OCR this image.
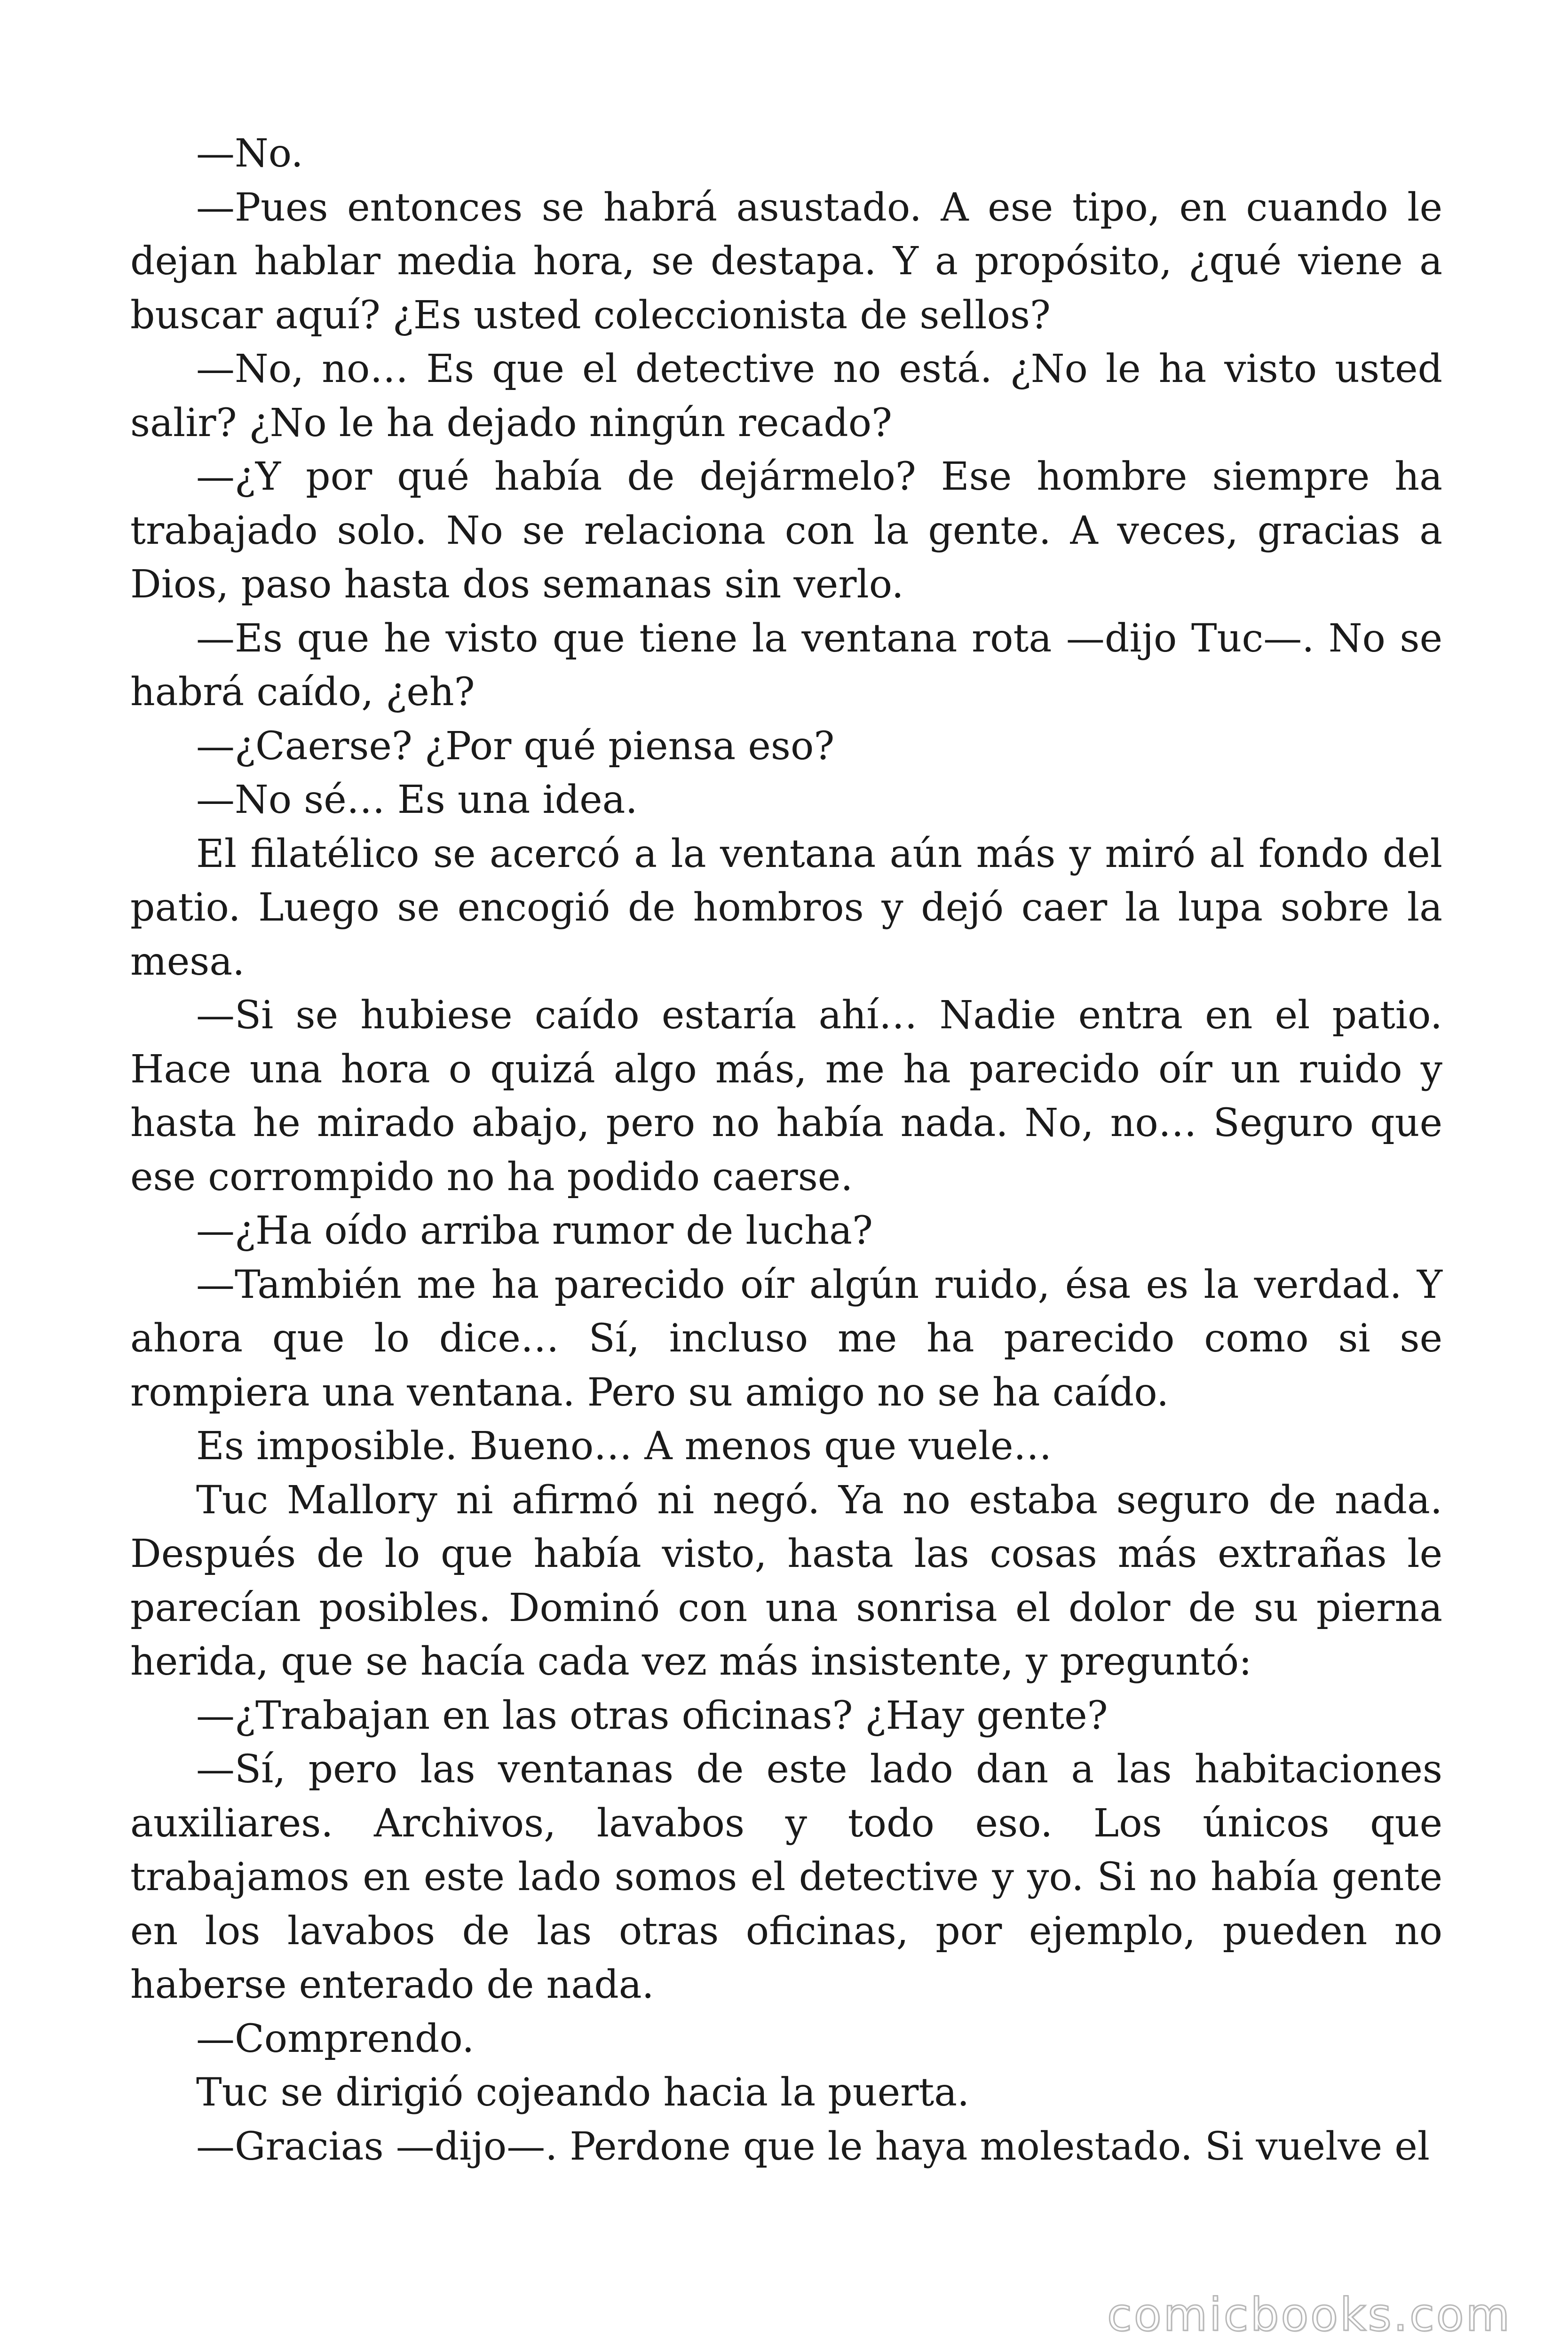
—No.

—Pues entonces se habrá asustado. A ese tipo, en cuando le dejan hablar media hora, se destapa. Y a propósito, ¿qué viene a buscar aquí? ¿Es usted coleccionista de sellos?

—No, no… Es que el detective no está. ¿No le ha visto usted salir? ¿No le ha dejado ningún recado?

—¿Y por qué había de dejármelo? Ese hombre siempre ha trabajado solo. No se relaciona con la gente. A veces, gracias a Dios, paso hasta dos semanas sin verlo.

—Es que he visto que tiene la ventana rota —dijo Tuc—. No se habrá caído, ¿eh?

—¿Caerse? ¿Por qué piensa eso?

—No sé… Es una idea.

El filatélico se acercó a la ventana aún más y miró al fondo del patio. Luego se encogió de hombros y dejó caer la lupa sobre la mesa.

—Si se hubiese caído estaría ahí… Nadie entra en el patio. Hace una hora o quizá algo más, me ha parecido oír un ruido y hasta he mirado abajo, pero no había nada. No, no… Seguro que ese corrompido no ha podido caerse.

—¿Ha oído arriba rumor de lucha?

—También me ha parecido oír algún ruido, ésa es la verdad. Y ahora que lo dice… Sí, incluso me ha parecido como si se rompiera una ventana. Pero su amigo no se ha caído.

Es imposible. Bueno… A menos que vuele…

Tuc Mallory ni afirmó ni negó. Ya no estaba seguro de nada. Después de lo que había visto, hasta las cosas más extrañas le parecían posibles. Dominó con una sonrisa el dolor de su pierna herida, que se hacía cada vez más insistente, y preguntó:

—¿Trabajan en las otras oficinas? ¿Hay gente?

—Sí, pero las ventanas de este lado dan a las habitaciones auxiliares. Archivos, lavabos y todo eso. Los únicos que trabajamos en este lado somos el detective y yo. Si no había gente en los lavabos de las otras oficinas, por ejemplo, pueden no haberse enterado de nada.

—Comprendo.

Tuc se dirigió cojeando hacia la puerta.

—Gracias —dijo—. Perdone que le haya molestado. Si vuelve el

comicbooks.com
